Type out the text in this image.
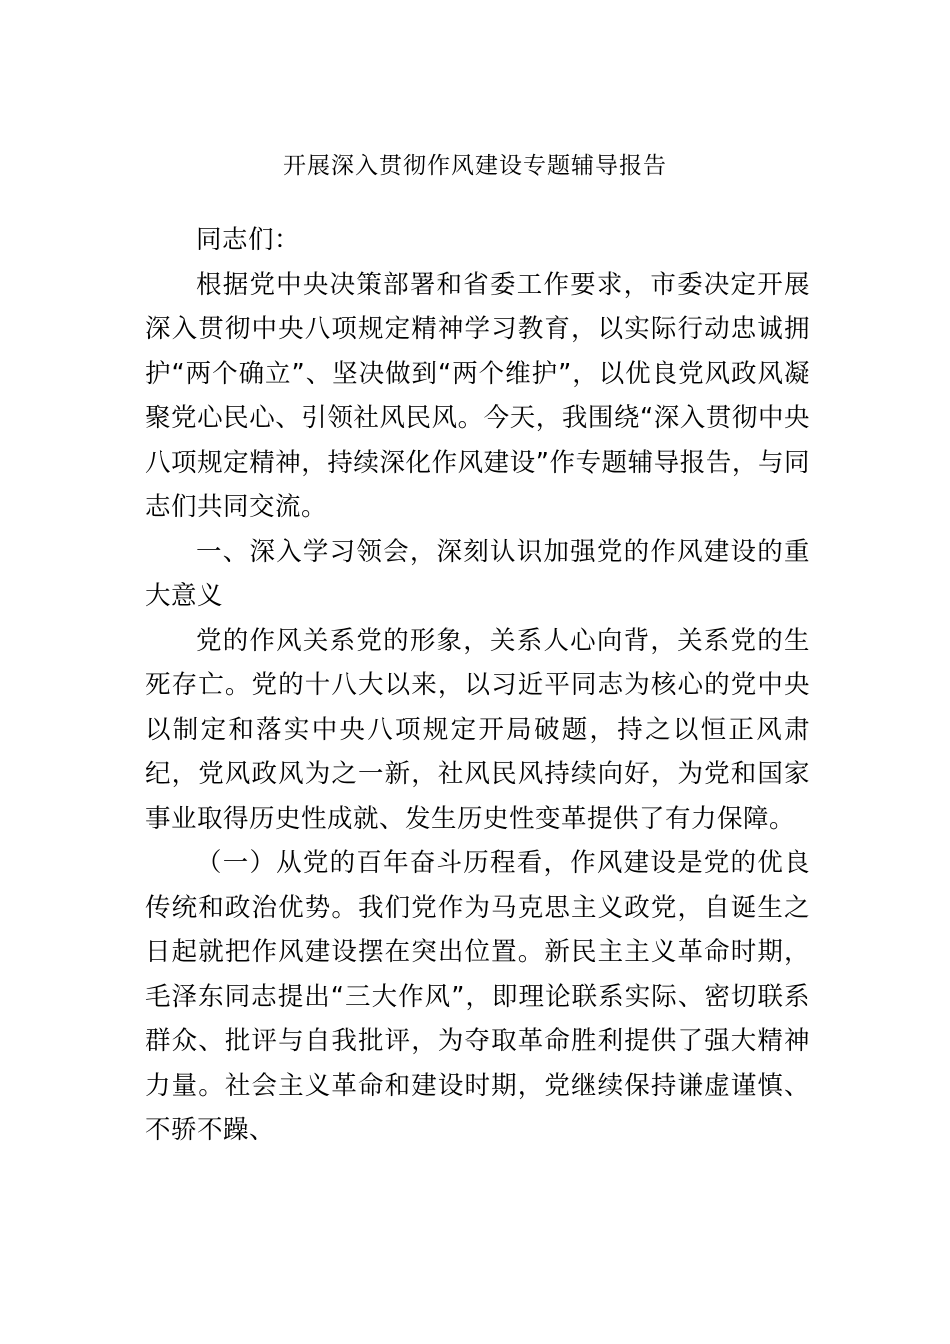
开展深入贯彻作风建设专题辅导报告

同志们：

根据党中央决策部署和省委工作要求，市委决定开展深入贯彻中央八项规定精神学习教育，以实际行动忠诚拥护“两个确立”、坚决做到“两个维护”，以优良党风政风凝聚党心民心、引领社风民风。今天，我围绕“深入贯彻中央八项规定精神，持续深化作风建设”作专题辅导报告，与同志们共同交流。

一、深入学习领会，深刻认识加强党的作风建设的重大意义

党的作风关系党的形象，关系人心向背，关系党的生死存亡。党的十八大以来，以习近平同志为核心的党中央以制定和落实中央八项规定开局破题，持之以恒正风肃纪，党风政风为之一新，社风民风持续向好，为党和国家事业取得历史性成就、发生历史性变革提供了有力保障。

（一）从党的百年奋斗历程看，作风建设是党的优良传统和政治优势。我们党作为马克思主义政党，自诞生之日起就把作风建设摆在突出位置。新民主主义革命时期，毛泽东同志提出“三大作风”，即理论联系实际、密切联系群众、批评与自我批评，为夺取革命胜利提供了强大精神力量。社会主义革命和建设时期，党继续保持谦虚谨慎、不骄不躁、
